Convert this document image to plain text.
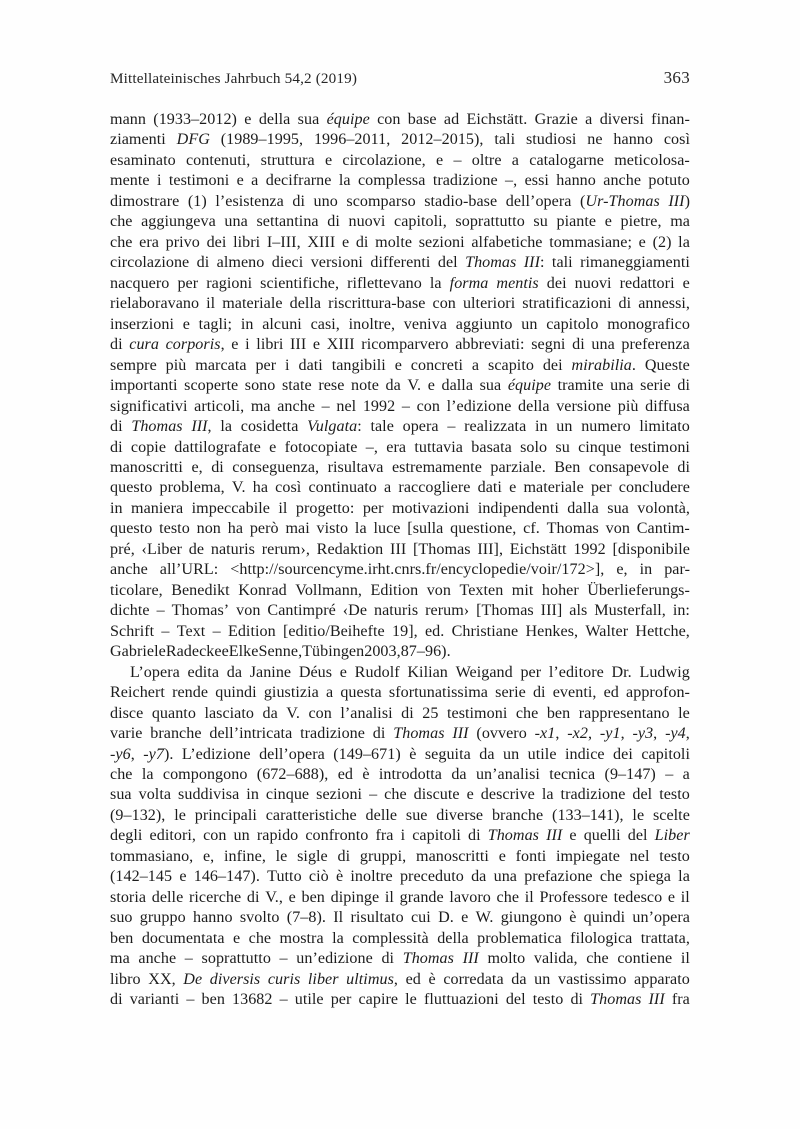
Mittellateinisches Jahrbuch 54,2 (2019)	363
mann (1933–2012) e della sua équipe con base ad Eichstätt. Grazie a diversi finan-
ziamenti DFG (1989–1995, 1996–2011, 2012–2015), tali studiosi ne hanno così
esaminato contenuti, struttura e circolazione, e – oltre a catalogarne meticolosa-
mente i testimoni e a decifrarne la complessa tradizione –, essi hanno anche potuto
dimostrare (1) l’esistenza di uno scomparso stadio-base dell’opera (Ur-Thomas III)
che aggiungeva una settantina di nuovi capitoli, soprattutto su piante e pietre, ma
che era privo dei libri I–III, XIII e di molte sezioni alfabetiche tommasiane; e (2) la
circolazione di almeno dieci versioni differenti del Thomas III: tali rimaneggiamenti
nacquero per ragioni scientifiche, riflettevano la forma mentis dei nuovi redattori e
rielaboravano il materiale della riscrittura-base con ulteriori stratificazioni di annessi,
inserzioni e tagli; in alcuni casi, inoltre, veniva aggiunto un capitolo monografico
di cura corporis, e i libri III e XIII ricomparvero abbreviati: segni di una preferenza
sempre più marcata per i dati tangibili e concreti a scapito dei mirabilia. Queste
importanti scoperte sono state rese note da V. e dalla sua équipe tramite una serie di
significativi articoli, ma anche – nel 1992 – con l’edizione della versione più diffusa
di Thomas III, la cosidetta Vulgata: tale opera – realizzata in un numero limitato
di copie dattilografate e fotocopiate –, era tuttavia basata solo su cinque testimoni
manoscritti e, di conseguenza, risultava estremamente parziale. Ben consapevole di
questo problema, V. ha così continuato a raccogliere dati e materiale per concludere
in maniera impeccabile il progetto: per motivazioni indipendenti dalla sua volontà,
questo testo non ha però mai visto la luce [sulla questione, cf. Thomas von Cantim-
pré, ‹Liber de naturis rerum›, Redaktion III [Thomas III], Eichstätt 1992 [disponibile
anche all’URL: <http://sourcencyme.irht.cnrs.fr/encyclopedie/voir/172>], e, in par-
ticolare, Benedikt Konrad Vollmann, Edition von Texten mit hoher Überlieferungs-
dichte – Thomas’ von Cantimpré ‹De naturis rerum› [Thomas III] als Musterfall, in:
Schrift – Text – Edition [editio/Beihefte 19], ed. Christiane Henkes, Walter Hettche,
Gabriele Radecke e Elke Senne, Tübingen 2003, 87–96).
L’opera edita da Janine Déus e Rudolf Kilian Weigand per l’editore Dr. Ludwig
Reichert rende quindi giustizia a questa sfortunatissima serie di eventi, ed approfon-
disce quanto lasciato da V. con l’analisi di 25 testimoni che ben rappresentano le
varie branche dell’intricata tradizione di Thomas III (ovvero -x1, -x2, -y1, -y3, -y4,
-y6, -y7). L’edizione dell’opera (149–671) è seguita da un utile indice dei capitoli
che la compongono (672–688), ed è introdotta da un’analisi tecnica (9–147) – a
sua volta suddivisa in cinque sezioni – che discute e descrive la tradizione del testo
(9–132), le principali caratteristiche delle sue diverse branche (133–141), le scelte
degli editori, con un rapido confronto fra i capitoli di Thomas III e quelli del Liber
tommasiano, e, infine, le sigle di gruppi, manoscritti e fonti impiegate nel testo
(142–145 e 146–147). Tutto ciò è inoltre preceduto da una prefazione che spiega la
storia delle ricerche di V., e ben dipinge il grande lavoro che il Professore tedesco e il
suo gruppo hanno svolto (7–8). Il risultato cui D. e W. giungono è quindi un’opera
ben documentata e che mostra la complessità della problematica filologica trattata,
ma anche – soprattutto – un’edizione di Thomas III molto valida, che contiene il
libro XX, De diversis curis liber ultimus, ed è corredata da un vastissimo apparato
di varianti – ben 13682 – utile per capire le fluttuazioni del testo di Thomas III fra
